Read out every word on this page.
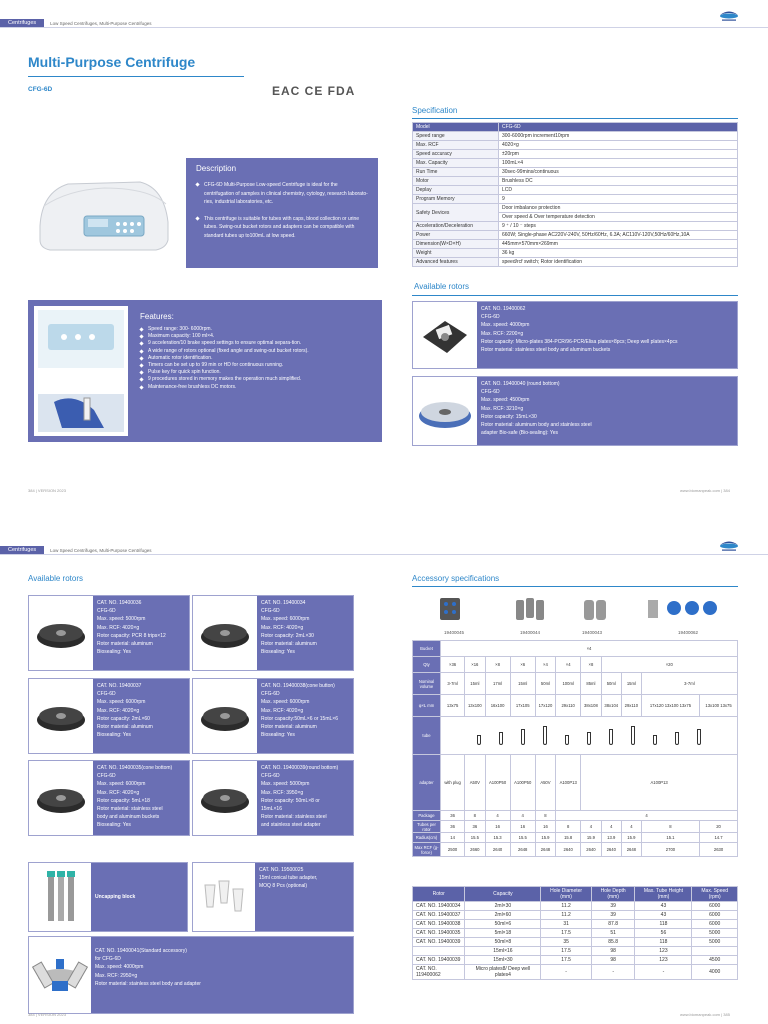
Centrifuges	Low Speed Centrifuges, Multi-Purpose Centrifuges
Multi-Purpose Centrifuge
CFG-6D	EAC CE FDA
Description
CFG-6D Multi-Purpose Low-speed Centrifuge is ideal for the centrifugation of samples in clinical chemistry, cytology, research laborato-ries, industrial laboratories, etc.
This centrifuge is suitable for tubes with caps, blood collection or urine tubes. Swing-out bucket rotors and adapters can be compatible with standard tubes up to100mL at low speed.
Features:
Speed range: 300- 6000rpm.
Maximum capacity: 100 ml×4.
9 acceleration/10 brake speed settings to ensure optimal separa-tion.
A wide range of rotors optional (fixed angle and swing-out bucket rotors).
Automatic rotor identification.
Timers can be set up to 99 min or HD for continuous running.
Pulse key for quick spin function.
9 procedures stored in memory makes the operation much simplified.
Maintenance-free brushless DC motors.
Specification
Model	CFG-6D
Speed range	300-6000rpm increment10rpm
Max. RCF	4020×g
Speed accuracy	±20rpm
Max. Capacity	100mL×4
Run Time	30sec-99mins/continuous
Motor	Brushless DC
Deplay	LCD
Program Memory	9
Safety Devices	Door imbalance protection
	Over speed & Over temperature detection
Acceleration/Deceleration	9 ⁺ / 10 ⁻ steps
Power	660W; Single-phase AC220V-240V, 50Hz/60Hz, 6.3A; AC110V-120V,50Hz/60Hz,10A
Dimension(W×D×H)	445mm×570mm×269mm
Weight	36 kg
Advanced features	speed/rcf switch; Rotor identification
Available rotors
CAT. NO. 19400062
CFG-6D
Max. speed: 4000rpm
Max. RCF: 2200×g
Rotor capacity: Micro-plates 384-PCR/96-PCR/Elisa plates×8pcs; Deep well plates×4pcs
Rotor material: stainless steel body and aluminum buckets
CAT. NO. 19400040 (round bottom)
CFG-6D
Max. speed: 4500rpm
Max. RCF: 3210×g
Rotor capacity: 15mL×30
Rotor material: aluminum body and stainless steel
adapter Bio-safe (Bio-sealing): Yes
384 | VERSION 2023	www.biomanpeak.com | 384
Centrifuges	Low Speed Centrifuges, Multi-Purpose Centrifuges
Available rotors	Accessory specifications
CAT. NO. 19400036
CFG-6D
Max. speed: 5000rpm
Max. RCF: 4020×g
Rotor capacity: PCR 8 trips×12
Rotor material: aluminum
Biosealing: Yes
CAT. NO. 19400034
CFG-6D
Max. speed: 6000rpm
Max. RCF: 4020×g
Rotor capacity: 2mL×30
Rotor material: aluminum
Biosealing: Yes
CAT. NO. 19400037
CFG-6D
Max. speed: 6000rpm
Max. RCF: 4020×g
Rotor capacity: 2mL×60
Rotor material: aluminum
Biosealing: Yes
CAT. NO. 19400038(cone button)
CFG-6D
Max. speed: 6000rpm
Max. RCF: 4020×g
Rotor capacity:50mL×6 or 15mL×6
Rotor material: aluminum
Biosealing: Yes
CAT. NO. 19400035(cone bottom)
CFG-6D
Max. speed: 6000rpm
Max. RCF: 4020×g
Rotor capacity: 5mL×18
Rotor material: stainless steel
body and aluminum buckets
Biosealing: Yes
CAT. NO. 19400039(round bottom)
CFG-6D
Max. speed: 5000rpm
Max. RCF: 3950×g
Rotor capacity: 50mL×8 or
15mL×16
Rotor material: stainless steel
and stainless steel adapter
Uncapping block
CAT. NO. 19500025
15ml conical tube adapter,
MOQ 8 Pcs (optional)
CAT. NO. 19400041(Standard accessory)
for CFG-6D
Max. speed: 4000rpm
Max. RCF: 2950×g
Rotor material: stainless steel body and adapter
19400045	19400044	19400043	19400062
Bucket	×4										
Qty	×36	×16	×8	×6	×4	×4	×8	×20			
Nominal volume	3-7ml	15ml	17ml	15ml	50ml	100ml	85ml	50ml	15ml	3-7ml	
φ×L mm	13x75	13x100	16x100	17x105	17x120	29x110	38x108	38x104	29x110	17x120 13x100 13x75	13x100 13x75
tube											
adapter	with plug	A50V	A100P50	A100P50	A50V	A100P13	A100P13				
Package	36	8	4	4	8	4					
Tubes per rotor	36	36	16	16	16	8	4	4	4	8	20
Radius(cm)	14	15.5	15.3	15.5	15.9	15.8	15.9	13.9	15.9	15.1	14.7
Max RCF (g-force)	2500	2660	2640	2648	2648	2640	2640	2640	2648	2700	2630
Rotor	Capacity	Hole Diameter (mm)	Hole Depth (mm)	Max. Tube Height (mm)	Max. Speed (rpm)
CAT. NO. 19400034	2ml×30	11.2	39	43	6000
CAT. NO. 19400037	2ml×60	11.2	39	43	6000
CAT. NO. 19400038	50ml×6	31	87.8	118	6000
CAT. NO. 19400035	5ml×18	17.5	51	56	5000
CAT. NO. 19400039	50ml×8	35	85.8	118	5000
	15ml×16	17.5	98	123	
CAT. NO. 19400039	15ml×30	17.5	98	123	4500
CAT. NO. 119400062	Micro plates8/ Deep well plates4	-	-	-	4000
384 | VERSION 2023	www.biomanpeak.com | 385
